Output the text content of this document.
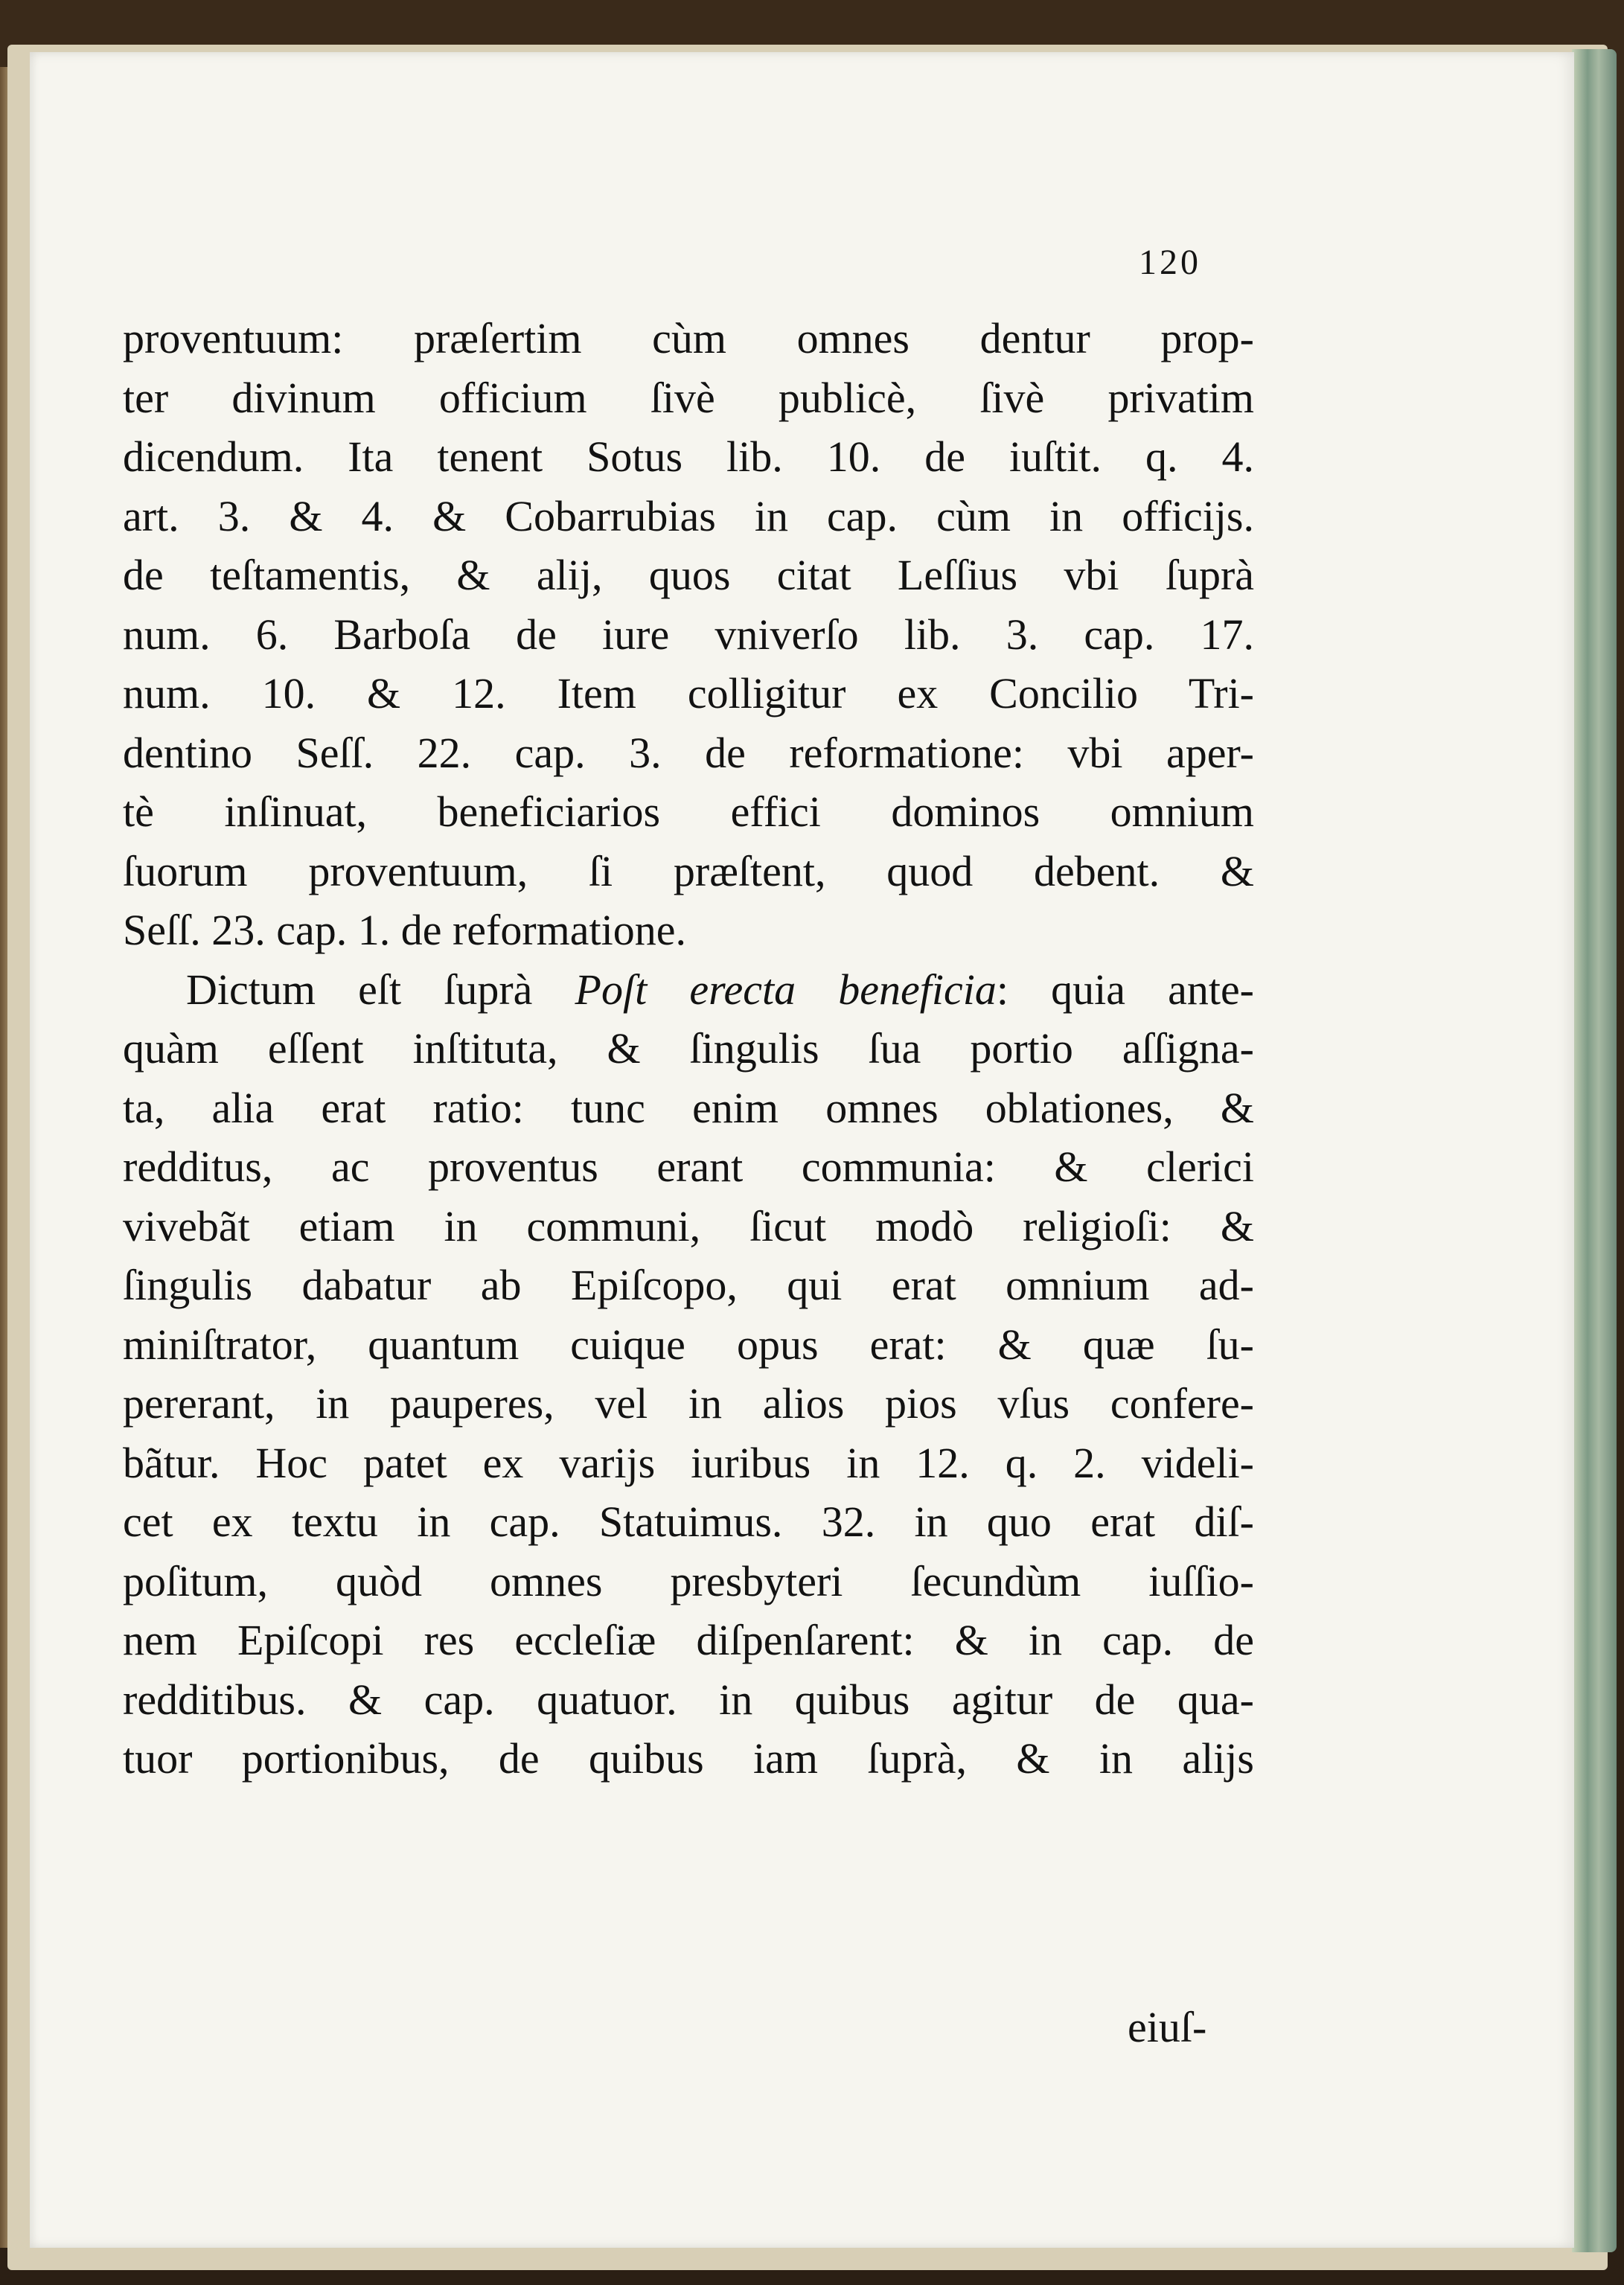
120
proventuum: præſertim cùm omnes dentur prop-
ter divinum officium ſivè publicè, ſivè privatim
dicendum. Ita tenent Sotus lib. 10. de iuſtit. q. 4.
art. 3. & 4. & Cobarrubias in cap. cùm in officijs.
de teſtamentis, & alij, quos citat Leſſius vbi ſuprà
num. 6. Barboſa de iure vniverſo lib. 3. cap. 17.
num. 10. & 12. Item colligitur ex Concilio Tri-
dentino Seſſ. 22. cap. 3. de reformatione: vbi aper-
tè inſinuat, beneficiarios effici dominos omnium
ſuorum proventuum, ſi præſtent, quod debent. &
Seſſ. 23. cap. 1. de reformatione.
Dictum eſt ſuprà Poſt erecta beneficia: quia ante-
quàm eſſent inſtituta, & ſingulis ſua portio aſſigna-
ta, alia erat ratio: tunc enim omnes oblationes, &
redditus, ac proventus erant communia: & clerici
vivebãt etiam in communi, ſicut modò religioſi: &
ſingulis dabatur ab Epiſcopo, qui erat omnium ad-
miniſtrator, quantum cuique opus erat: & quæ ſu-
pererant, in pauperes, vel in alios pios vſus confere-
bãtur. Hoc patet ex varijs iuribus in 12. q. 2. videli-
cet ex textu in cap. Statuimus. 32. in quo erat diſ-
poſitum, quòd omnes presbyteri ſecundùm iuſſio-
nem Epiſcopi res eccleſiæ diſpenſarent: & in cap. de
redditibus. & cap. quatuor. in quibus agitur de qua-
tuor portionibus, de quibus iam ſuprà, & in alijs
eiuſ-
